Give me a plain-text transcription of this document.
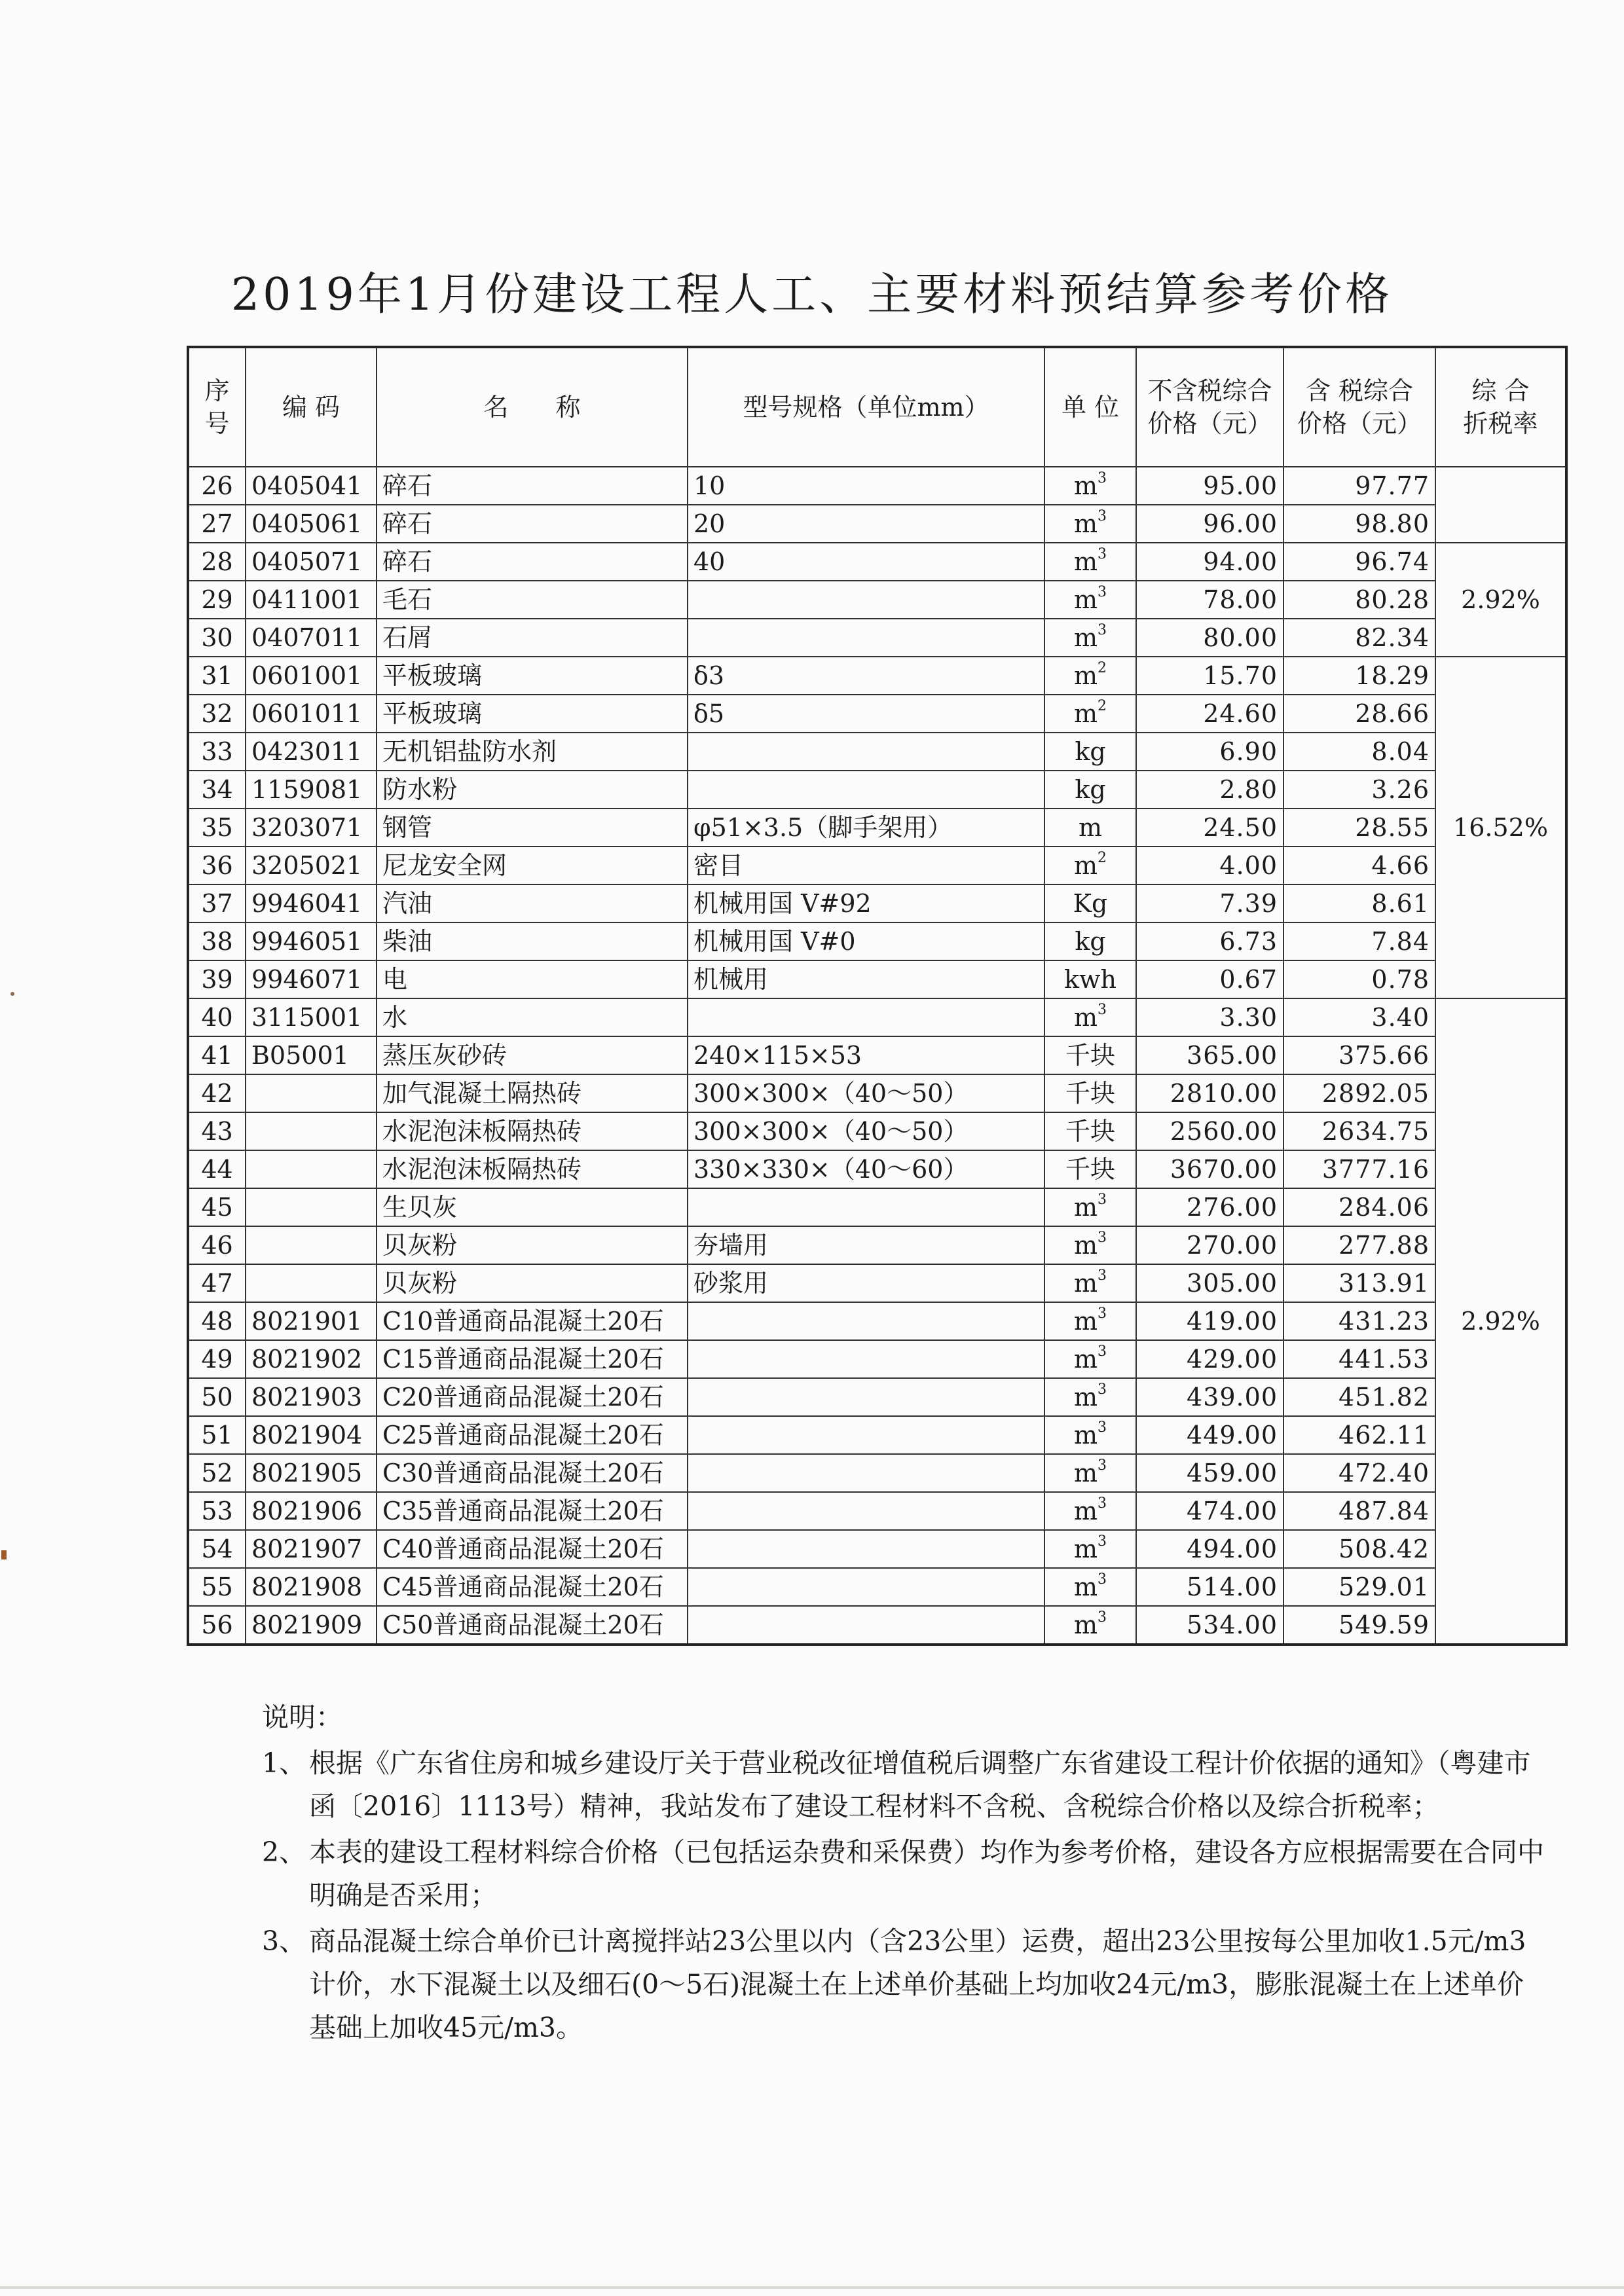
2019年1月份建设工程人工、主要材料预结算参考价格
序号	编 码	名 称	型号规格（单位mm）	单 位	不含税综合价格（元）	含 税综合价格（元）	综 合折税率
26	0405041	碎石	10	$m^3$	95.00	97.77	
27	0405061	碎石	20	$m^3$	96.00	98.80	
28	0405071	碎石	40	$m^3$	94.00	96.74	2.92%
29	0411001	毛石		$m^3$	78.00	80.28	
30	0407011	石屑		$m^3$	80.00	82.34	
31	0601001	平板玻璃	δ3	$m^2$	15.70	18.29	16.52%
32	0601011	平板玻璃	δ5	$m^2$	24.60	28.66	
33	0423011	无机铝盐防水剂		kg	6.90	8.04	
34	1159081	防水粉		kg	2.80	3.26	
35	3203071	钢管	φ51×3.5（脚手架用）	m	24.50	28.55	
36	3205021	尼龙安全网	密目	$m^2$	4.00	4.66	
37	9946041	汽油	机械用国 V#92	Kg	7.39	8.61	
38	9946051	柴油	机械用国 V#0	kg	6.73	7.84	
39	9946071	电	机械用	kwh	0.67	0.78	
40	3115001	水		$m^3$	3.30	3.40	2.92%
41	B05001	蒸压灰砂砖	240×115×53	千块	365.00	375.66	
42		加气混凝土隔热砖	300×300×（40～50）	千块	2810.00	2892.05	
43		水泥泡沫板隔热砖	300×300×（40～50）	千块	2560.00	2634.75	
44		水泥泡沫板隔热砖	330×330×（40～60）	千块	3670.00	3777.16	
45		生贝灰		$m^3$	276.00	284.06	
46		贝灰粉	夯墙用	$m^3$	270.00	277.88	
47		贝灰粉	砂浆用	$m^3$	305.00	313.91	
48	8021901	C10普通商品混凝土20石		$m^3$	419.00	431.23	
49	8021902	C15普通商品混凝土20石		$m^3$	429.00	441.53	
50	8021903	C20普通商品混凝土20石		$m^3$	439.00	451.82	
51	8021904	C25普通商品混凝土20石		$m^3$	449.00	462.11	
52	8021905	C30普通商品混凝土20石		$m^3$	459.00	472.40	
53	8021906	C35普通商品混凝土20石		$m^3$	474.00	487.84	
54	8021907	C40普通商品混凝土20石		$m^3$	494.00	508.42	
55	8021908	C45普通商品混凝土20石		$m^3$	514.00	529.01	
56	8021909	C50普通商品混凝土20石		$m^3$	534.00	549.59	
说明：
1、 根据《广东省住房和城乡建设厅关于营业税改征增值税后调整广东省建设工程计价依据的通知》（粤建市函〔2016〕1113号）精神，我站发布了建设工程材料不含税、含税综合价格以及综合折税率；
2、 本表的建设工程材料综合价格（已包括运杂费和采保费）均作为参考价格，建设各方应根据需要在合同中明确是否采用；
3、 商品混凝土综合单价已计离搅拌站23公里以内（含23公里）运费，超出23公里按每公里加收1.5元/m3计价，水下混凝土以及细石(0～5石)混凝土在上述单价基础上均加收24元/m3，膨胀混凝土在上述单价基础上加收45元/m3。
